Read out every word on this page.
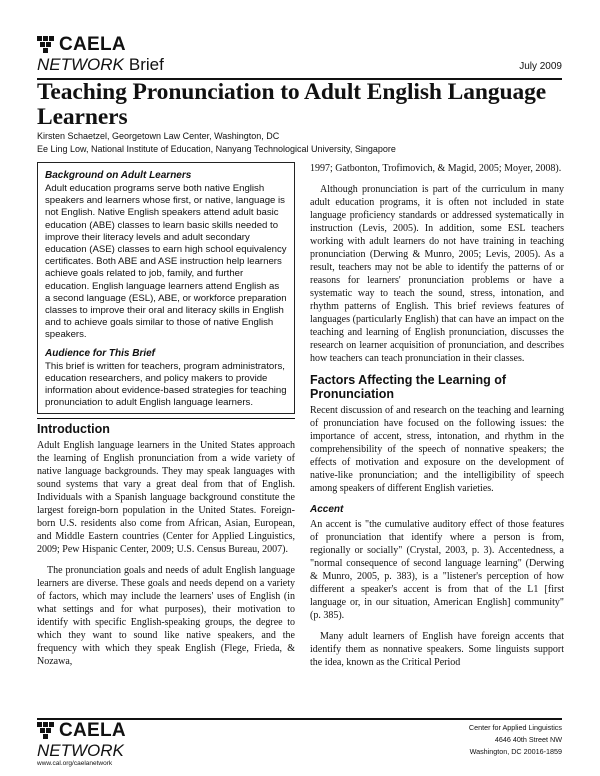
CAELA
NETWORK Brief	July 2009
Teaching Pronunciation to Adult English Language Learners
Kirsten Schaetzel, Georgetown Law Center, Washington, DC
Ee Ling Low, National Institute of Education, Nanyang Technological University, Singapore
Background on Adult Learners

Adult education programs serve both native English speakers and learners whose first, or native, language is not English. Native English speakers attend adult basic education (ABE) classes to learn basic skills needed to improve their literacy levels and adult secondary education (ASE) classes to earn high school equivalency certificates. Both ABE and ASE instruction help learners achieve goals related to job, family, and further education. English language learners attend English as a second language (ESL), ABE, or workforce preparation classes to improve their oral and literacy skills in English and to achieve goals similar to those of native English speakers.

Audience for This Brief

This brief is written for teachers, program administrators, education researchers, and policy makers to provide information about evidence-based strategies for teaching pronunciation to adult English language learners.

Introduction

Adult English language learners in the United States approach the learning of English pronunciation from a wide variety of native language backgrounds. They may speak languages with sound systems that vary a great deal from that of English. Individuals with a Spanish language background constitute the largest foreign-born population in the United States. Foreign-born U.S. residents also come from African, Asian, European, and Middle Eastern countries (Center for Applied Linguistics, 2009; Pew Hispanic Center, 2009; U.S. Census Bureau, 2007).

The pronunciation goals and needs of adult English language learners are diverse. These goals and needs depend on a variety of factors, which may include the learners' uses of English (in what settings and for what purposes), their motivation to identify with specific English-speaking groups, the degree to which they want to sound like native speakers, and the frequency with which they speak English (Flege, Frieda, & Nozawa,

1997; Gatbonton, Trofimovich, & Magid, 2005; Moyer, 2008).

Although pronunciation is part of the curriculum in many adult education programs, it is often not included in state language proficiency standards or addressed systematically in instruction (Levis, 2005). In addition, some ESL teachers working with adult learners do not have training in teaching pronunciation (Derwing & Munro, 2005; Levis, 2005). As a result, teachers may not be able to identify the patterns of or reasons for learners' pronunciation problems or have a systematic way to teach the sound, stress, intonation, and rhythm patterns of English. This brief reviews features of languages (particularly English) that can have an impact on the teaching and learning of English pronunciation, discusses the research on learner acquisition of pronunciation, and describes how teachers can teach pronunciation in their classes.

Factors Affecting the Learning of Pronunciation

Recent discussion of and research on the teaching and learning of pronunciation have focused on the following issues: the importance of accent, stress, intonation, and rhythm in the comprehensibility of the speech of nonnative speakers; the effects of motivation and exposure on the development of native-like pronunciation; and the intelligibility of speech among speakers of different English varieties.

Accent

An accent is "the cumulative auditory effect of those features of pronunciation that identify where a person is from, regionally or socially" (Crystal, 2003, p. 3). Accentedness, a "normal consequence of second language learning" (Derwing & Munro, 2005, p. 383), is a "listener's perception of how different a speaker's accent is from that of the L1 [first language or, in our situation, American English] community" (p. 385).

Many adult learners of English have foreign accents that identify them as nonnative speakers. Some linguists support the idea, known as the Critical Period

CAELA
NETWORK
www.cal.org/caelanetwork
Center for Applied Linguistics
4646 40th Street NW
Washington, DC 20016-1859
